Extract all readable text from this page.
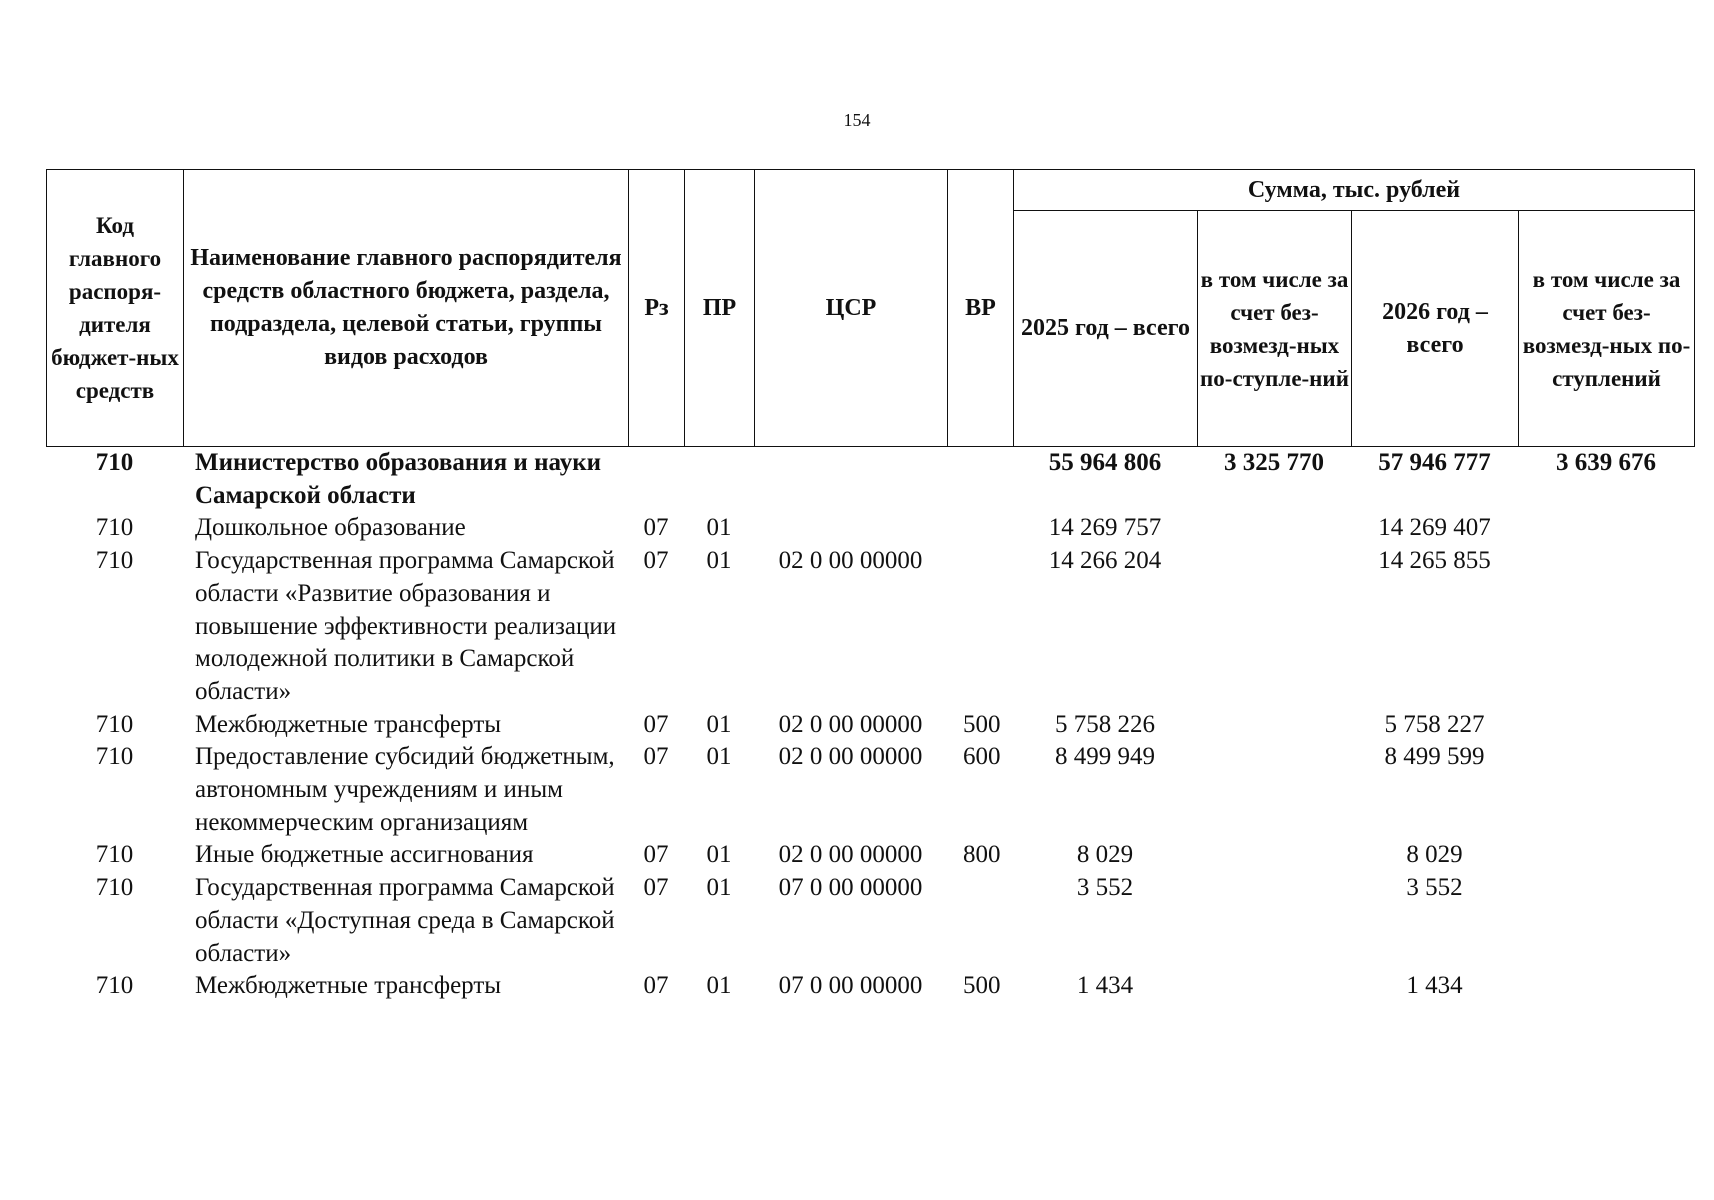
154
Код главного распоря-дителя бюджет-ных средств	Наименование главного распорядителя средств областного бюджета, раздела, подраздела, целевой статьи, группы видов расходов	Рз	ПР	ЦСР	ВР	Сумма, тыс. рублей			
						2025 год – всего	в том числе за счет без-возмезд-ных по-ступле-ний	2026 год – всего	в том числе за счет без-возмезд-ных по-ступлений
710	Министерство образования и науки Самарской области					55 964 806	3 325 770	57 946 777	3 639 676
710	Дошкольное образование	07	01			14 269 757		14 269 407	
710	Государственная программа Самарской области «Развитие образования и повышение эффективности реализации молодежной политики в Самарской области»	07	01	02 0 00 00000		14 266 204		14 265 855	
710	Межбюджетные трансферты	07	01	02 0 00 00000	500	5 758 226		5 758 227	
710	Предоставление субсидий бюджетным, автономным учреждениям и иным некоммерческим организациям	07	01	02 0 00 00000	600	8 499 949		8 499 599	
710	Иные бюджетные ассигнования	07	01	02 0 00 00000	800	8 029		8 029	
710	Государственная программа Самарской области «Доступная среда в Самарской области»	07	01	07 0 00 00000		3 552		3 552	
710	Межбюджетные трансферты	07	01	07 0 00 00000	500	1 434		1 434	
